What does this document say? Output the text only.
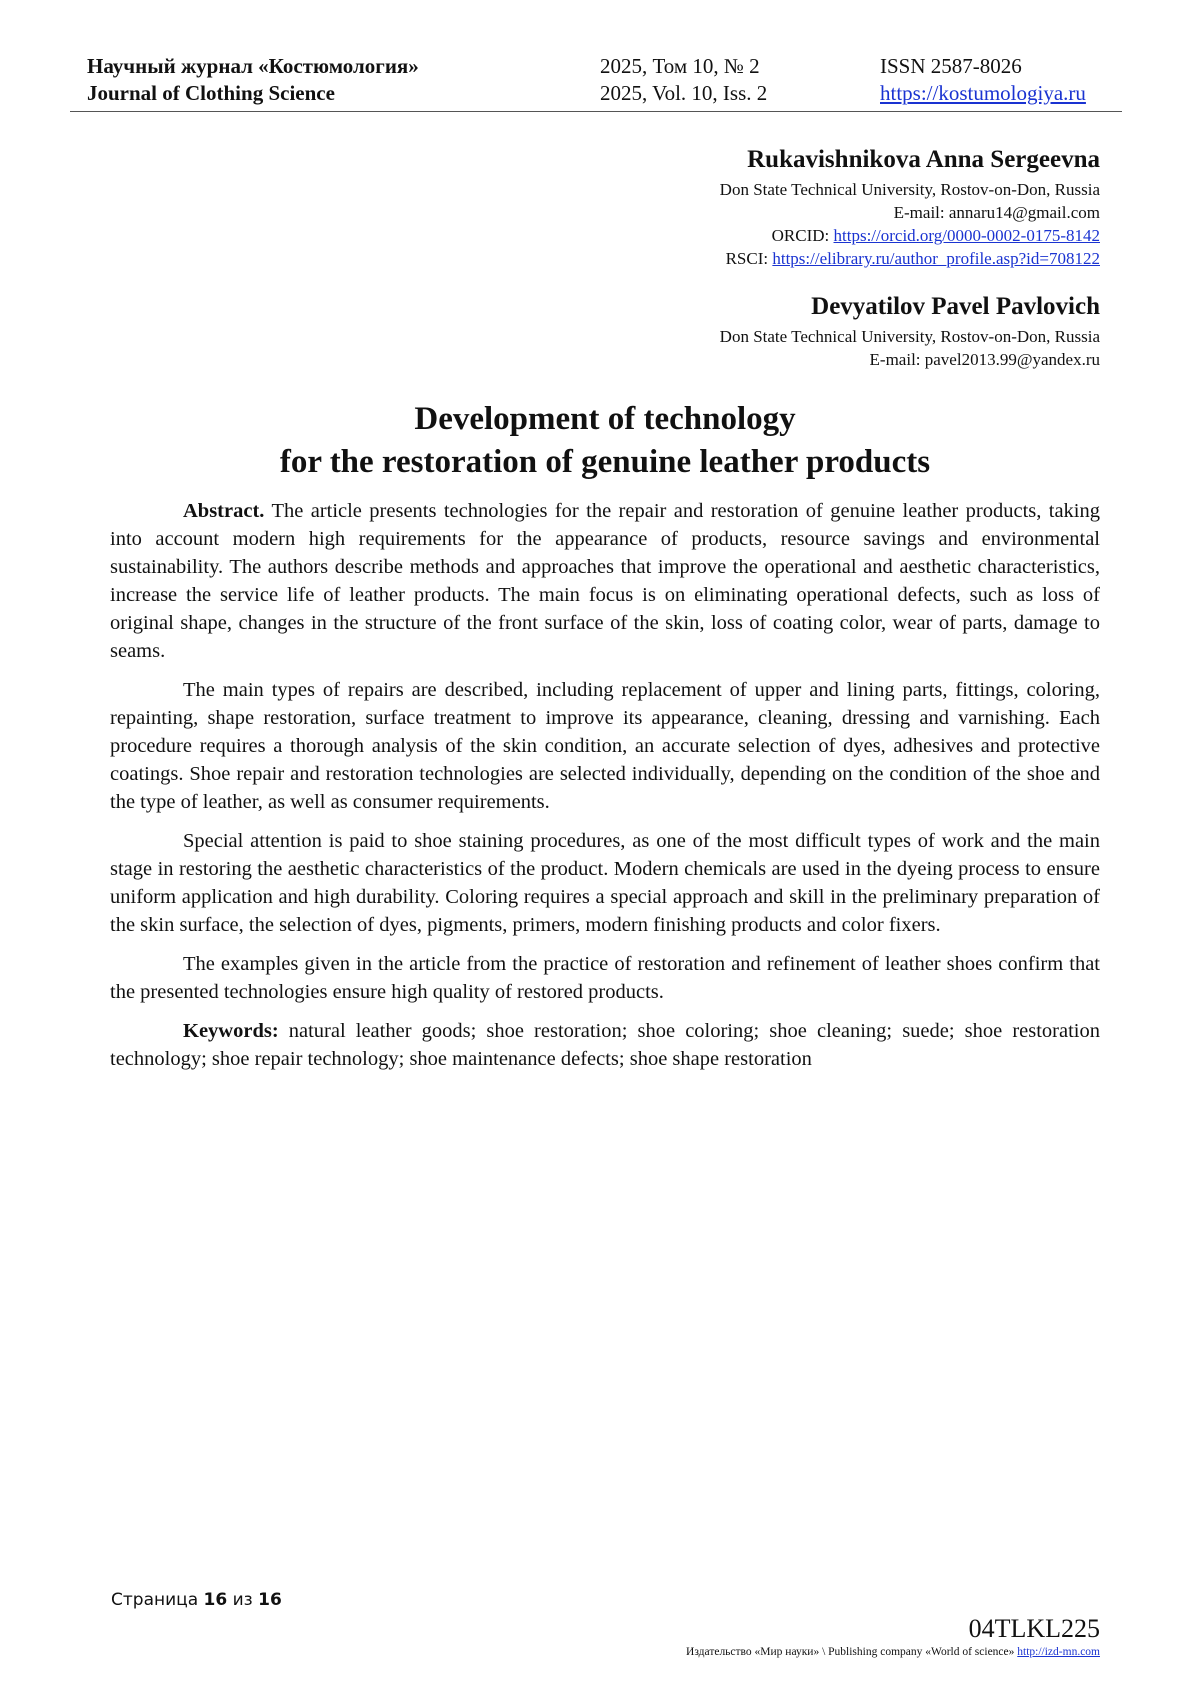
Научный журнал «Костюмология»	2025, Том 10, № 2	ISSN 2587-8026
Journal of Clothing Science	2025, Vol. 10, Iss. 2	https://kostumologiya.ru
Rukavishnikova Anna Sergeevna
Don State Technical University, Rostov-on-Don, Russia
E-mail: annaru14@gmail.com
ORCID: https://orcid.org/0000-0002-0175-8142
RSCI: https://elibrary.ru/author_profile.asp?id=708122
Devyatilov Pavel Pavlovich
Don State Technical University, Rostov-on-Don, Russia
E-mail: pavel2013.99@yandex.ru
Development of technology
for the restoration of genuine leather products

Abstract. The article presents technologies for the repair and restoration of genuine leather products, taking into account modern high requirements for the appearance of products, resource savings and environmental sustainability. The authors describe methods and approaches that improve the operational and aesthetic characteristics, increase the service life of leather products. The main focus is on eliminating operational defects, such as loss of original shape, changes in the structure of the front surface of the skin, loss of coating color, wear of parts, damage to seams.

The main types of repairs are described, including replacement of upper and lining parts, fittings, coloring, repainting, shape restoration, surface treatment to improve its appearance, cleaning, dressing and varnishing. Each procedure requires a thorough analysis of the skin condition, an accurate selection of dyes, adhesives and protective coatings. Shoe repair and restoration technologies are selected individually, depending on the condition of the shoe and the type of leather, as well as consumer requirements.

Special attention is paid to shoe staining procedures, as one of the most difficult types of work and the main stage in restoring the aesthetic characteristics of the product. Modern chemicals are used in the dyeing process to ensure uniform application and high durability. Coloring requires a special approach and skill in the preliminary preparation of the skin surface, the selection of dyes, pigments, primers, modern finishing products and color fixers.

The examples given in the article from the practice of restoration and refinement of leather shoes confirm that the presented technologies ensure high quality of restored products.

Keywords: natural leather goods; shoe restoration; shoe coloring; shoe cleaning; suede; shoe restoration technology; shoe repair technology; shoe maintenance defects; shoe shape restoration

Страница 16 из 16
04TLKL225
Издательство «Мир науки» \ Publishing company «World of science» http://izd-mn.com
